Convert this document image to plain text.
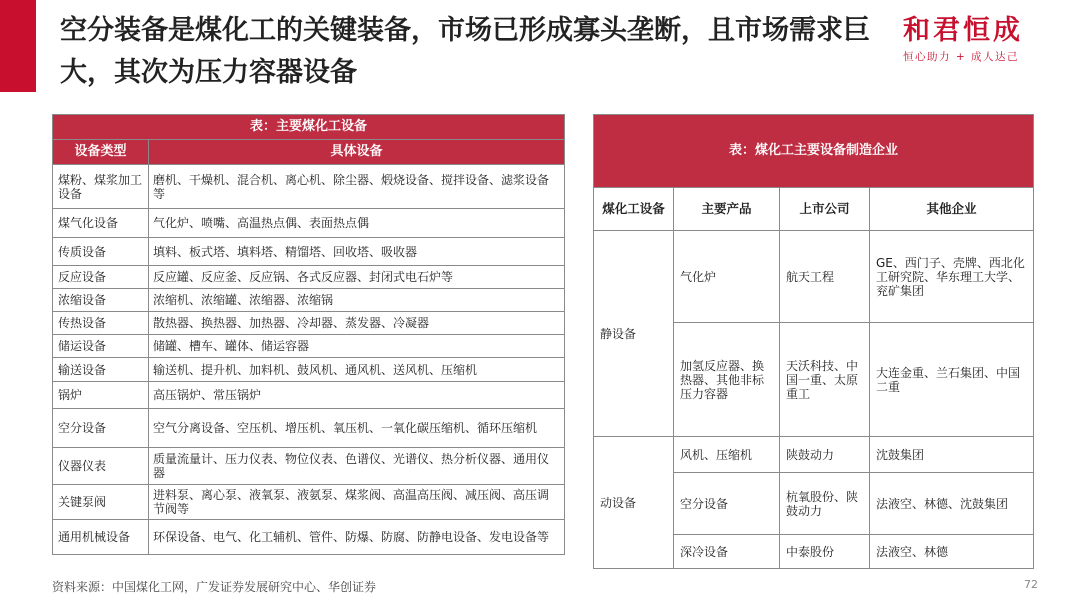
空分装备是煤化工的关键装备，市场已形成寡头垄断，且市场需求巨大，其次为压力容器设备
和君恒成
恒心助力 + 成人达己
表：主要煤化工设备	
设备类型	具体设备
煤粉、煤浆加工设备	磨机、干燥机、混合机、离心机、除尘器、煅烧设备、搅拌设备、滤浆设备等
煤气化设备	气化炉、喷嘴、高温热点偶、表面热点偶
传质设备	填料、板式塔、填料塔、精馏塔、回收塔、吸收器
反应设备	反应罐、反应釜、反应锅、各式反应器、封闭式电石炉等
浓缩设备	浓缩机、浓缩罐、浓缩器、浓缩锅
传热设备	散热器、换热器、加热器、冷却器、蒸发器、冷凝器
储运设备	储罐、槽车、罐体、储运容器
输送设备	输送机、提升机、加料机、鼓风机、通风机、送风机、压缩机
锅炉	高压锅炉、常压锅炉
空分设备	空气分离设备、空压机、增压机、氧压机、一氧化碳压缩机、循环压缩机
仪器仪表	质量流量计、压力仪表、物位仪表、色谱仪、光谱仪、热分析仪器、通用仪器
关键泵阀	进料泵、离心泵、液氧泵、液氨泵、煤浆阀、高温高压阀、减压阀、高压调节阀等
通用机械设备	环保设备、电气、化工辅机、管件、防爆、防腐、防静电设备、发电设备等
表：煤化工主要设备制造企业			
煤化工设备	主要产品	上市公司	其他企业
静设备	气化炉	航天工程	GE、西门子、壳牌、西北化工研究院、华东理工大学、兖矿集团
	加氢反应器、换热器、其他非标压力容器	天沃科技、中国一重、太原重工	大连金重、兰石集团、中国二重
动设备	风机、压缩机	陕鼓动力	沈鼓集团
	空分设备	杭氧股份、陕鼓动力	法液空、林德、沈鼓集团
	深冷设备	中泰股份	法液空、林德
资料来源：中国煤化工网，广发证券发展研究中心、华创证券	72
